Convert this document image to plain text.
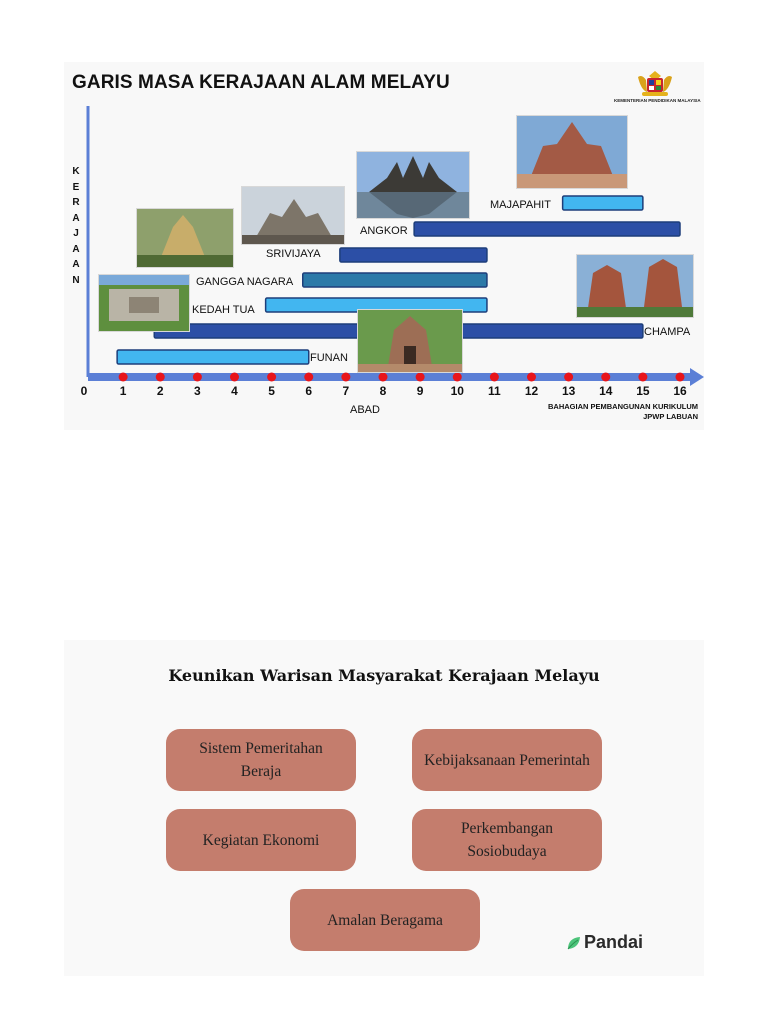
GARIS MASA KERAJAAN ALAM MELAYU
KEMENTERIAN PENDIDIKAN MALAYSIA
KERAJAAN
FUNAN
CHAMPA
KEDAH TUA
GANGGA NAGARA
SRIVIJAYA
ANGKOR
MAJAPAHIT
0	1	2	3	4	5	6	7	8	9 10 11 12 13 14 15 16
ABAD	BAHAGIAN PEMBANGUNAN KURIKULUM
JPWP LABUAN
Keunikan Warisan Masyarakat Kerajaan Melayu
Sistem Pemeritahan Beraja
Kebijaksanaan Pemerintah
Kegiatan Ekonomi
Perkembangan Sosiobudaya
Amalan Beragama
Pandai
